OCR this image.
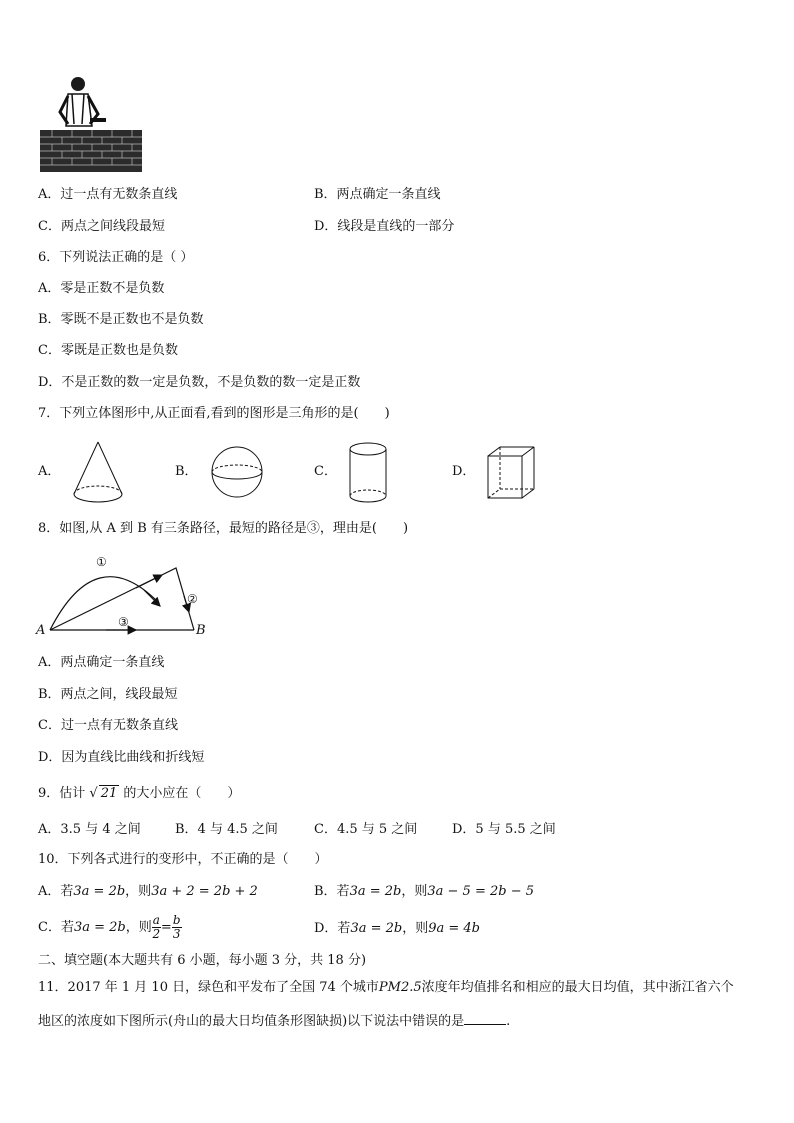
A．过一点有无数条直线	B．两点确定一条直线
C．两点之间线段最短	D．线段是直线的一部分
6．下列说法正确的是（ ）
A．零是正数不是负数
B．零既不是正数也不是负数
C．零既是正数也是负数
D．不是正数的数一定是负数，不是负数的数一定是正数
7．下列立体图形中,从正面看,看到的图形是三角形的是(　　)
A．	B．	C．	D．
8．如图,从 A 到 B 有三条路径，最短的路径是③，理由是(　　)
A	B
①
②
③
A．两点确定一条直线
B．两点之间，线段最短
C．过一点有无数条直线
D．因为直线比曲线和折线短
9．估计 √ 21 的大小应在（　　）
A．3.5 与 4 之间	B．4 与 4.5 之间	C．4.5 与 5 之间	D．5 与 5.5 之间
10．下列各式进行的变形中，不正确的是（　　）
A．若3a = 2b，则3a + 2 = 2b + 2	B．若3a = 2b，则3a − 5 = 2b − 5
C．若3a = 2b，则 $\frac{a}{2} = \frac{b}{3}$	D．若3a = 2b，则9a = 4b
二、填空题(本大题共有 6 小题，每小题 3 分，共 18 分)
11．2017 年 1 月 10 日，绿色和平发布了全国 74 个城市PM2.5浓度年均值排名和相应的最大日均值，其中浙江省六个
地区的浓度如下图所示(舟山的最大日均值条形图缺损)以下说法中错误的是	.
